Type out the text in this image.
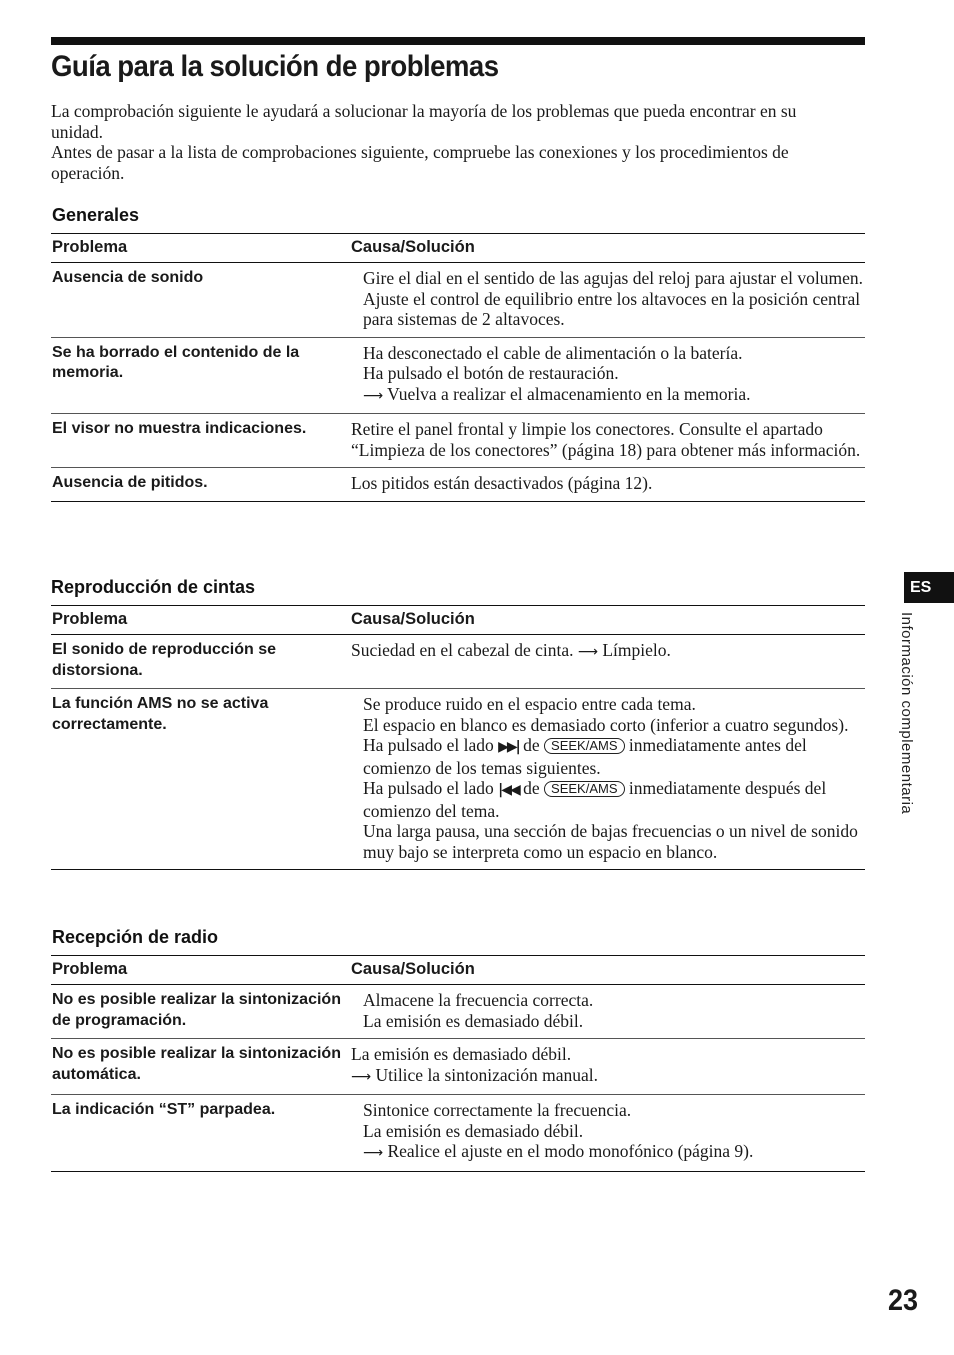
Guía para la solución de problemas

La comprobación siguiente le ayudará a solucionar la mayoría de los problemas que pueda encontrar en su unidad.

Antes de pasar a la lista de comprobaciones siguiente, compruebe las conexiones y los procedimientos de operación.

Generales
Problema	Causa/Solución
Ausencia de sonido	Gire el dial en el sentido de las agujas del reloj para ajustar el volumen.
Ajuste el control de equilibrio entre los altavoces en la posición central para sistemas de 2 altavoces.

Se ha borrado el contenido de la memoria.	Ha desconectado el cable de alimentación o la batería.
Ha pulsado el botón de restauración.
⟶ Vuelva a realizar el almacenamiento en la memoria.

El visor no muestra indicaciones.	Retire el panel frontal y limpie los conectores. Consulte el apartado “Limpieza de los conectores” (página 18) para obtener más información.

Ausencia de pitidos.	Los pitidos están desactivados (página 12).
Reproducción de cintas
Problema	Causa/Solución
El sonido de reproducción se distorsiona.	Suciedad en el cabezal de cinta. ⟶ Límpielo.

La función AMS no se activa correctamente.	Se produce ruido en el espacio entre cada tema.
El espacio en blanco es demasiado corto (inferior a cuatro segundos).
Ha pulsado el lado ▶▶| de SEEK/AMS inmediatamente antes del comienzo de los temas siguientes.
Ha pulsado el lado |◀◀ de SEEK/AMS inmediatamente después del comienzo del tema.
Una larga pausa, una sección de bajas frecuencias o un nivel de sonido muy bajo se interpreta como un espacio en blanco.
Recepción de radio
Problema	Causa/Solución
No es posible realizar la sintonización de programación.	Almacene la frecuencia correcta.
La emisión es demasiado débil.

No es posible realizar la sintonización automática.	La emisión es demasiado débil.
⟶ Utilice la sintonización manual.

La indicación “ST” parpadea.	Sintonice correctamente la frecuencia.
La emisión es demasiado débil.
⟶ Realice el ajuste en el modo monofónico (página 9).
ES
Información complementaria
23
